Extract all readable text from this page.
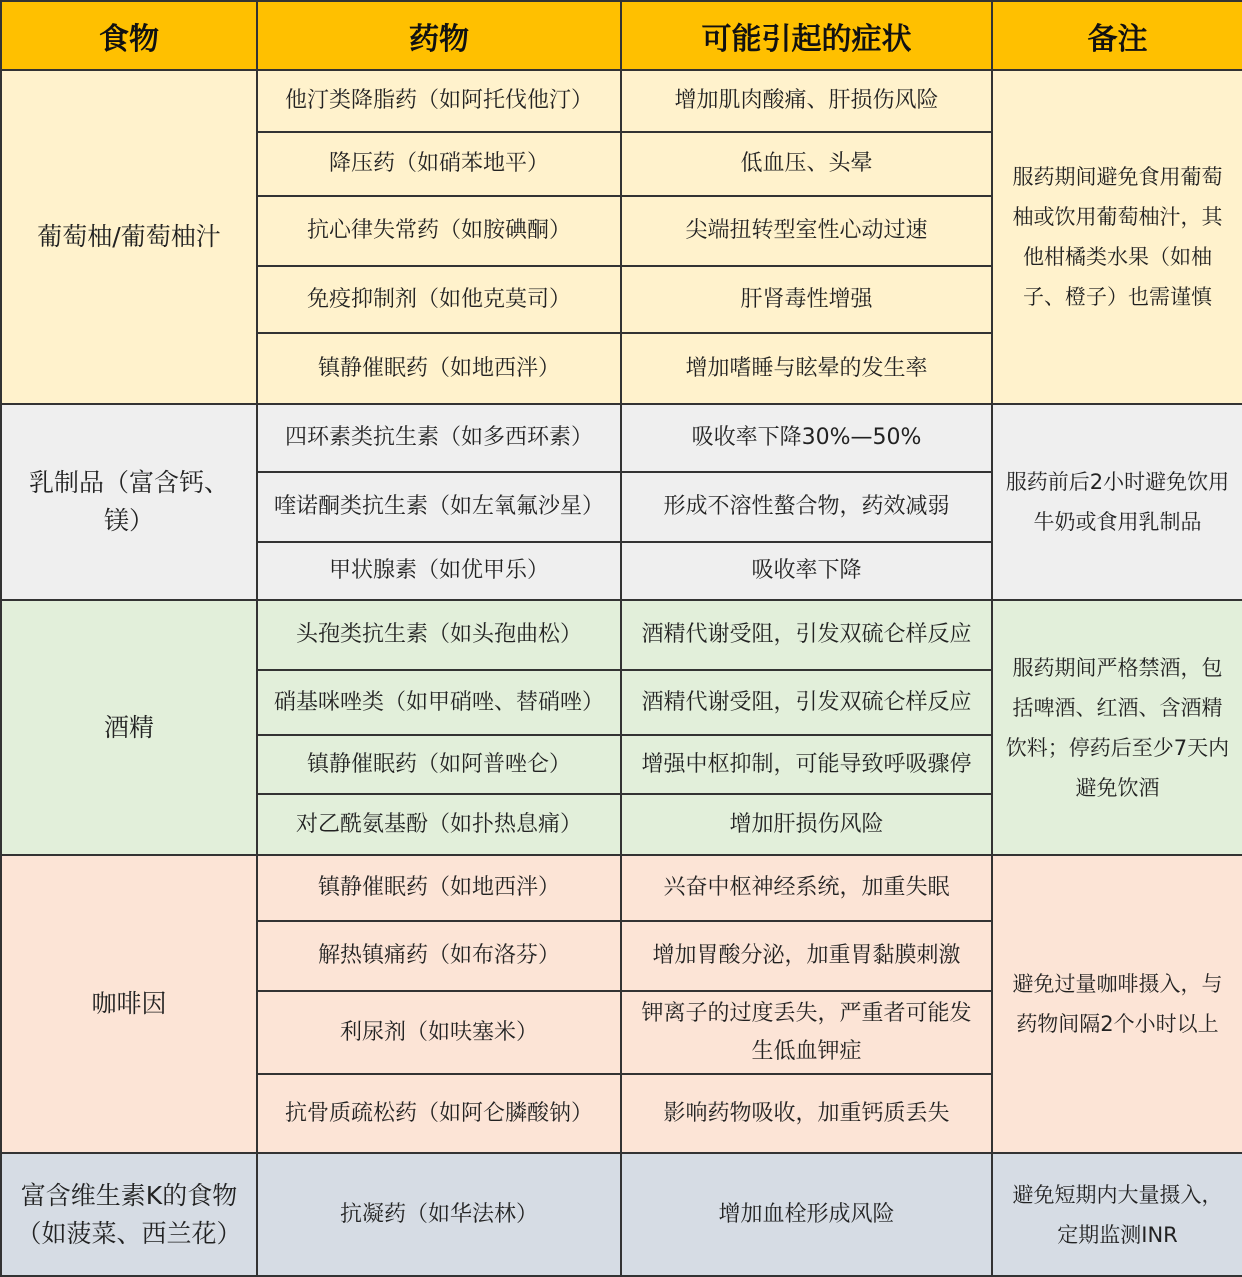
食物	药物	可能引起的症状	备注
葡萄柚/葡萄柚汁	他汀类降脂药（如阿托伐他汀）	增加肌肉酸痛、肝损伤风险	服药期间避免食用葡萄柚或饮用葡萄柚汁，其他柑橘类水果（如柚子、橙子）也需谨慎
	降压药（如硝苯地平）	低血压、头晕	
	抗心律失常药（如胺碘酮）	尖端扭转型室性心动过速	
	免疫抑制剂（如他克莫司）	肝肾毒性增强	
	镇静催眠药（如地西泮）	增加嗜睡与眩晕的发生率	
乳制品（富含钙、镁）	四环素类抗生素（如多西环素）	吸收率下降30%—50%	服药前后2小时避免饮用牛奶或食用乳制品
	喹诺酮类抗生素（如左氧氟沙星）	形成不溶性螯合物，药效减弱	
	甲状腺素（如优甲乐）	吸收率下降	
酒精	头孢类抗生素（如头孢曲松）	酒精代谢受阻，引发双硫仑样反应	服药期间严格禁酒，包括啤酒、红酒、含酒精饮料；停药后至少7天内避免饮酒
	硝基咪唑类（如甲硝唑、替硝唑）	酒精代谢受阻，引发双硫仑样反应	
	镇静催眠药（如阿普唑仑）	增强中枢抑制，可能导致呼吸骤停	
	对乙酰氨基酚（如扑热息痛）	增加肝损伤风险	
咖啡因	镇静催眠药（如地西泮）	兴奋中枢神经系统，加重失眠	避免过量咖啡摄入，与药物间隔2个小时以上
	解热镇痛药（如布洛芬）	增加胃酸分泌，加重胃黏膜刺激	
	利尿剂（如呋塞米）	钾离子的过度丢失，严重者可能发生低血钾症	
	抗骨质疏松药（如阿仑膦酸钠）	影响药物吸收，加重钙质丢失	
富含维生素K的食物（如菠菜、西兰花）	抗凝药（如华法林）	增加血栓形成风险	避免短期内大量摄入，定期监测INR
